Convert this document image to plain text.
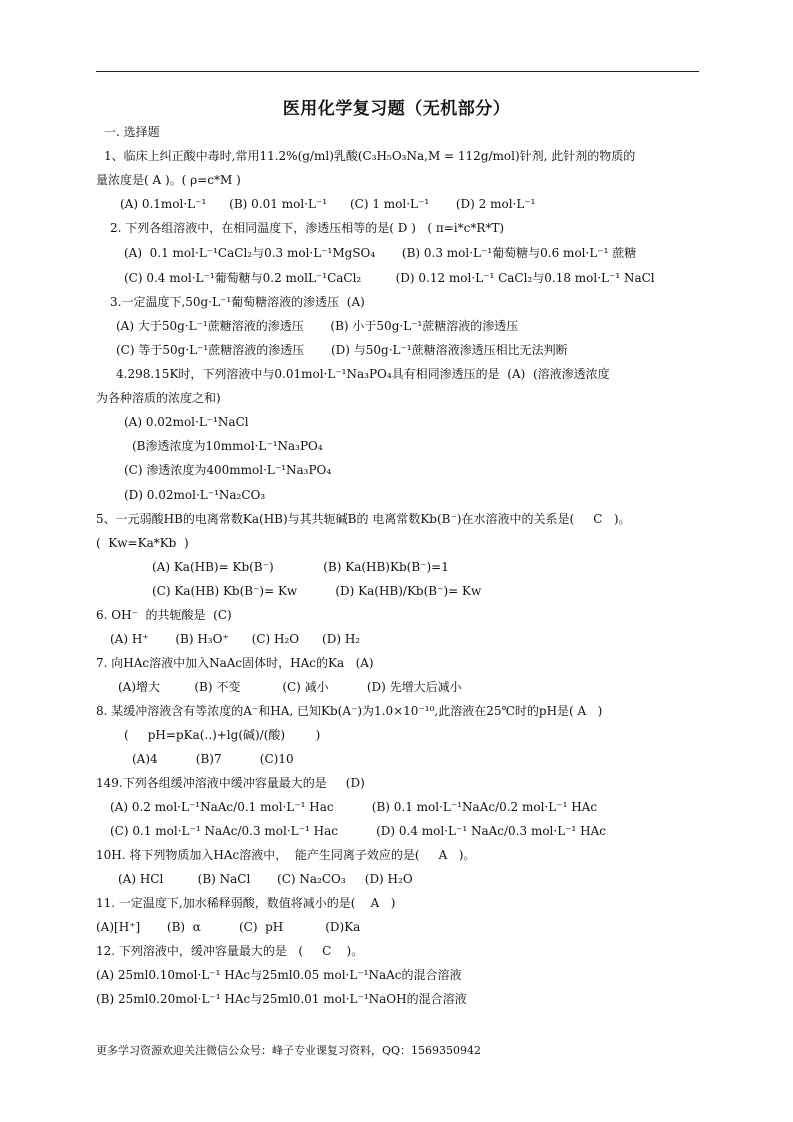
医用化学复习题（无机部分）
一. 选择题
1、临床上纠正酸中毒时,常用11.2%(g/ml)乳酸(C₃H₅O₃Na,M = 112g/mol)针剂, 此针剂的物质的
量浓度是( A )。( ρ=c*M )
(A) 0.1mol·L⁻¹      (B) 0.01 mol·L⁻¹      (C) 1 mol·L⁻¹       (D) 2 mol·L⁻¹
2. 下列各组溶液中，在相同温度下，渗透压相等的是( D )   ( π=i*c*R*T)
(A)  0.1 mol·L⁻¹CaCl₂与0.3 mol·L⁻¹MgSO₄       (B) 0.3 mol·L⁻¹葡萄糖与0.6 mol·L⁻¹ 蔗糖
(C) 0.4 mol·L⁻¹葡萄糖与0.2 molL⁻¹CaCl₂         (D) 0.12 mol·L⁻¹ CaCl₂与0.18 mol·L⁻¹ NaCl
3.一定温度下,50g·L⁻¹葡萄糖溶液的渗透压  (A)
(A) 大于50g·L⁻¹蔗糖溶液的渗透压       (B) 小于50g·L⁻¹蔗糖溶液的渗透压
(C) 等于50g·L⁻¹蔗糖溶液的渗透压       (D) 与50g·L⁻¹蔗糖溶液渗透压相比无法判断
4.298.15K时，下列溶液中与0.01mol·L⁻¹Na₃PO₄具有相同渗透压的是  (A)  (溶液渗透浓度
为各种溶质的浓度之和)
(A) 0.02mol·L⁻¹NaCl
(B渗透浓度为10mmol·L⁻¹Na₃PO₄
(C) 渗透浓度为400mmol·L⁻¹Na₃PO₄
(D) 0.02mol·L⁻¹Na₂CO₃
5、一元弱酸HB的电离常数Ka(HB)与其共轭碱B的 电离常数Kb(B⁻)在水溶液中的关系是(     C   )。
(  Kw=Ka*Kb  )
(A) Ka(HB)= Kb(B⁻)             (B) Ka(HB)Kb(B⁻)=1
(C) Ka(HB) Kb(B⁻)= Kw          (D) Ka(HB)/Kb(B⁻)= Kw
6. OH⁻  的共轭酸是  (C)
(A) H⁺       (B) H₃O⁺      (C) H₂O      (D) H₂
7. 向HAc溶液中加入NaAc固体时，HAc的Ka   (A)
(A)增大         (B) 不变           (C) 减小          (D) 先增大后减小
8. 某缓冲溶液含有等浓度的A⁻和HA, 已知Kb(A⁻)为1.0×10⁻¹⁰,此溶液在25℃时的pH是( A   )
(     pH=pKa(..)+lg(碱)/(酸)        )
(A)4          (B)7          (C)10
149.下列各组缓冲溶液中缓冲容量最大的是     (D)
(A) 0.2 mol·L⁻¹NaAc/0.1 mol·L⁻¹ Hac          (B) 0.1 mol·L⁻¹NaAc/0.2 mol·L⁻¹ HAc
(C) 0.1 mol·L⁻¹ NaAc/0.3 mol·L⁻¹ Hac          (D) 0.4 mol·L⁻¹ NaAc/0.3 mol·L⁻¹ HAc
10H. 将下列物质加入HAc溶液中，  能产生同离子效应的是(     A   )。
(A) HCl         (B) NaCl       (C) Na₂CO₃     (D) H₂O
11. 一定温度下,加水稀释弱酸，数值将减小的是(    A   )
(A)[H⁺]       (B)  α          (C)  pH           (D)Ka
12. 下列溶液中，缓冲容量最大的是   (     C    )。
(A) 25ml0.10mol·L⁻¹ HAc与25ml0.05 mol·L⁻¹NaAc的混合溶液
(B) 25ml0.20mol·L⁻¹ HAc与25ml0.01 mol·L⁻¹NaOH的混合溶液
更多学习资源欢迎关注微信公众号：峰子专业课复习资料，QQ：1569350942
